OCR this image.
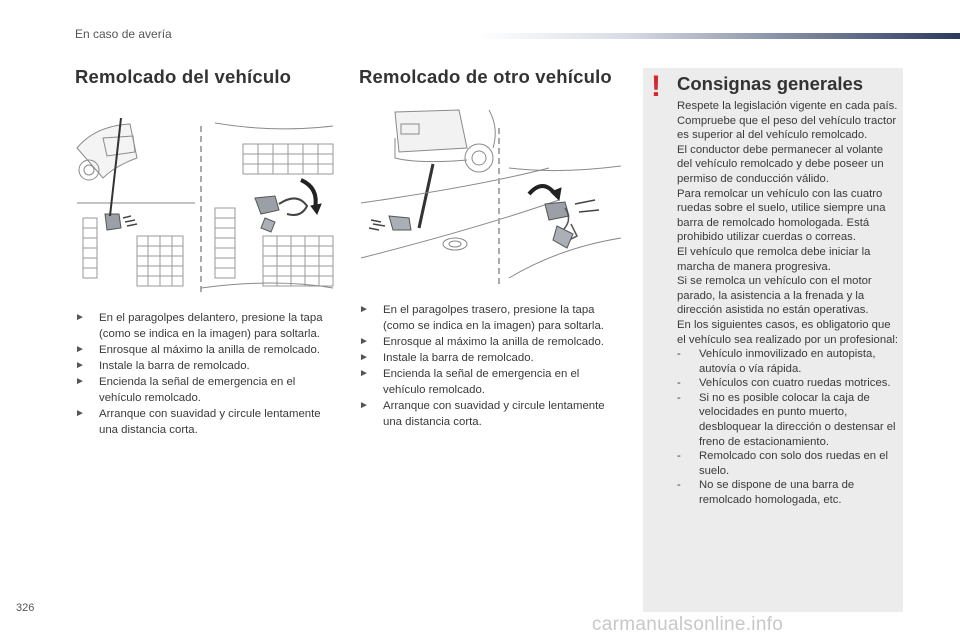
En caso de avería
Remolcado del vehículo
► En el paragolpes delantero, presione la tapa (como se indica en la imagen) para soltarla.
► Enrosque al máximo la anilla de remolcado.
► Instale la barra de remolcado.
► Encienda la señal de emergencia en el vehículo remolcado.
► Arranque con suavidad y circule lentamente una distancia corta.
Remolcado de otro vehículo
► En el paragolpes trasero, presione la tapa (como se indica en la imagen) para soltarla.
► Enrosque al máximo la anilla de remolcado.
► Instale la barra de remolcado.
► Encienda la señal de emergencia en el vehículo remolcado.
► Arranque con suavidad y circule lentamente una distancia corta.
! Consignas generales

Respete la legislación vigente en cada país.

Compruebe que el peso del vehículo tractor es superior al del vehículo remolcado.

El conductor debe permanecer al volante del vehículo remolcado y debe poseer un permiso de conducción válido.

Para remolcar un vehículo con las cuatro ruedas sobre el suelo, utilice siempre una barra de remolcado homologada. Está prohibido utilizar cuerdas o correas.

El vehículo que remolca debe iniciar la marcha de manera progresiva.

Si se remolca un vehículo con el motor parado, la asistencia a la frenada y la dirección asistida no están operativas.

En los siguientes casos, es obligatorio que el vehículo sea realizado por un profesional:

- Vehículo inmovilizado en autopista, autovía o vía rápida.

- Vehículos con cuatro ruedas motrices.

- Si no es posible colocar la caja de velocidades en punto muerto, desbloquear la dirección o destensar el freno de estacionamiento.

- Remolcado con solo dos ruedas en el suelo.

- No se dispone de una barra de remolcado homologada, etc.

326
carmanualsonline.info
